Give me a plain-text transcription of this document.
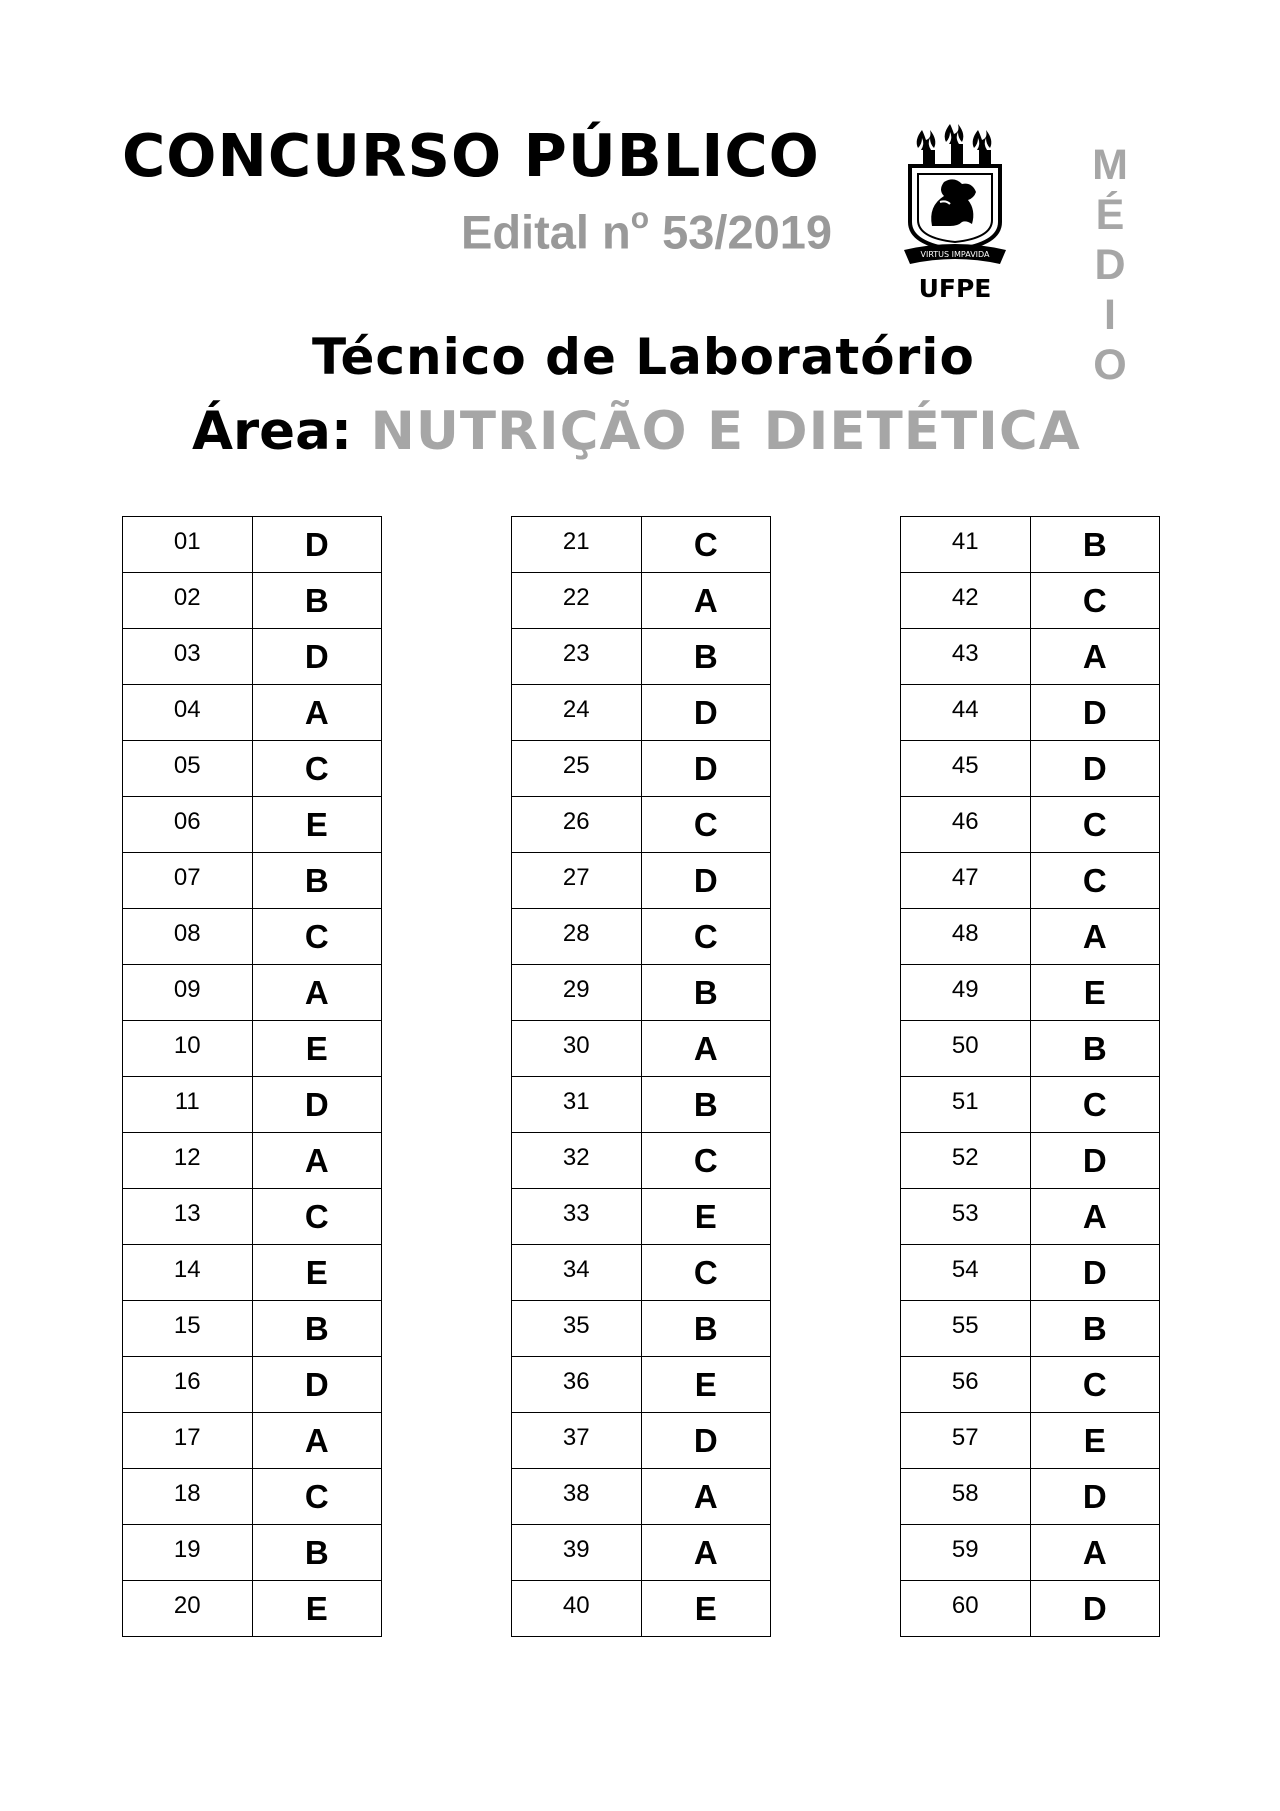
CONCURSO PÚBLICO
Edital $n^o$ 53/2019	VIRTUS IMPAVIDA
UFPE
M
É
D
I
O
Técnico de Laboratório
Área: NUTRIÇÃO E DIETÉTICA
01	D
02	B
03	D
04	A
05	C
06	E
07	B
08	C
09	A
10	E
11	D
12	A
13	C
14	E
15	B
16	D
17	A
18	C
19	B
20	E
21	C
22	A
23	B
24	D
25	D
26	C
27	D
28	C
29	B
30	A
31	B
32	C
33	E
34	C
35	B
36	E
37	D
38	A
39	A
40	E
41	B
42	C
43	A
44	D
45	D
46	C
47	C
48	A
49	E
50	B
51	C
52	D
53	A
54	D
55	B
56	C
57	E
58	D
59	A
60	D
